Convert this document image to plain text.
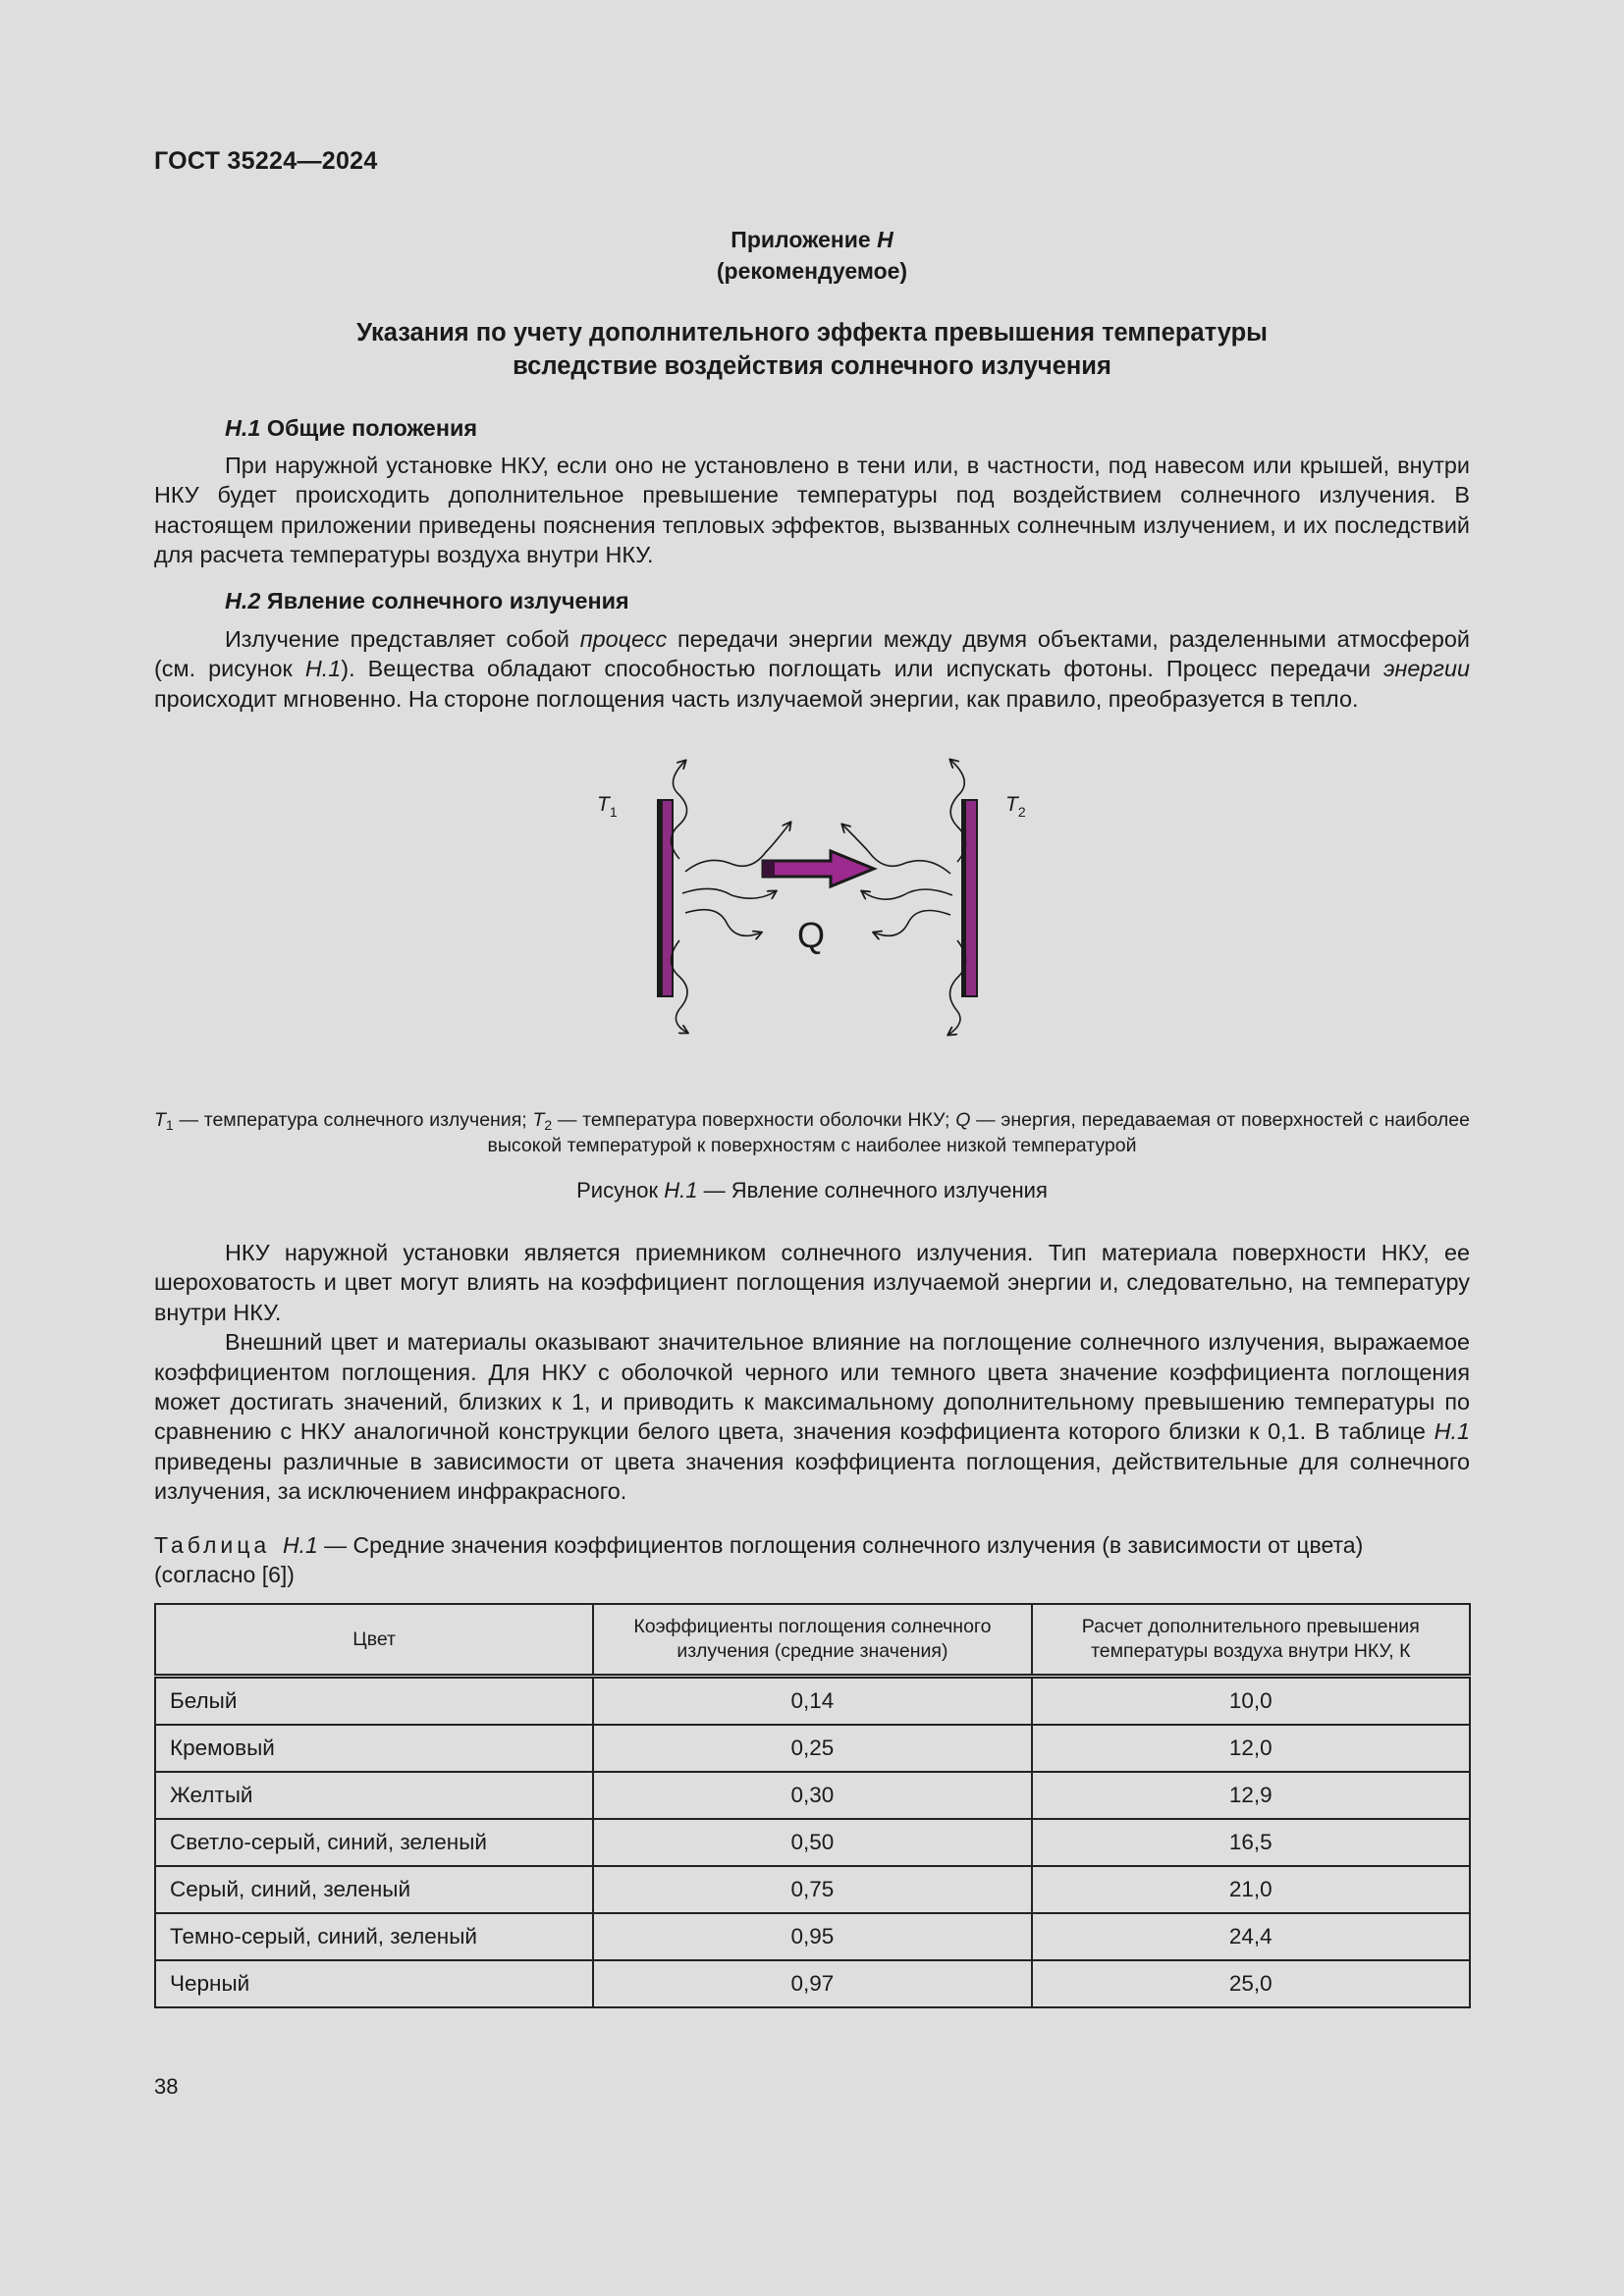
ГОСТ 35224—2024
Приложение Н
(рекомендуемое)
Указания по учету дополнительного эффекта превышения температуры
вследствие воздействия солнечного излучения
Н.1 Общие положения

При наружной установке НКУ, если оно не установлено в тени или, в частности, под навесом или крышей, внутри НКУ будет происходить дополнительное превышение температуры под воздействием солнечного излучения. В настоящем приложении приведены пояснения тепловых эффектов, вызванных солнечным излучением, и их последствий для расчета температуры воздуха внутри НКУ.

Н.2 Явление солнечного излучения

Излучение представляет собой процесс передачи энергии между двумя объектами, разделенными атмосферой (см. рисунок Н.1). Вещества обладают способностью поглощать или испускать фотоны. Процесс передачи энергии происходит мгновенно. На стороне поглощения часть излучаемой энергии, как правило, преобразуется в тепло.

$T_1$	$T_2$
Q
$T_1$ — температура солнечного излучения; $T_2$ — температура поверхности оболочки НКУ; Q — энергия, передаваемая от поверхностей с наиболее высокой температурой к поверхностям с наиболее низкой температурой
Рисунок Н.1 — Явление солнечного излучения

НКУ наружной установки является приемником солнечного излучения. Тип материала поверхности НКУ, ее шероховатость и цвет могут влиять на коэффициент поглощения излучаемой энергии и, следовательно, на температуру внутри НКУ.

Внешний цвет и материалы оказывают значительное влияние на поглощение солнечного излучения, выражаемое коэффициентом поглощения. Для НКУ с оболочкой черного или темного цвета значение коэффициента поглощения может достигать значений, близких к 1, и приводить к максимальному дополнительному превышению температуры по сравнению с НКУ аналогичной конструкции белого цвета, значения коэффициента которого близки к 0,1. В таблице Н.1 приведены различные в зависимости от цвета значения коэффициента поглощения, действительные для солнечного излучения, за исключением инфракрасного.

Таблица Н.1 — Средние значения коэффициентов поглощения солнечного излучения (в зависимости от цвета) (согласно [6])
Цвет	Коэффициенты поглощения солнечного излучения (средние значения)	Расчет дополнительного превышения температуры воздуха внутри НКУ, К
Белый	0,14	10,0
Кремовый	0,25	12,0
Желтый	0,30	12,9
Светло-серый, синий, зеленый	0,50	16,5
Серый, синий, зеленый	0,75	21,0
Темно-серый, синий, зеленый	0,95	24,4
Черный	0,97	25,0
38
